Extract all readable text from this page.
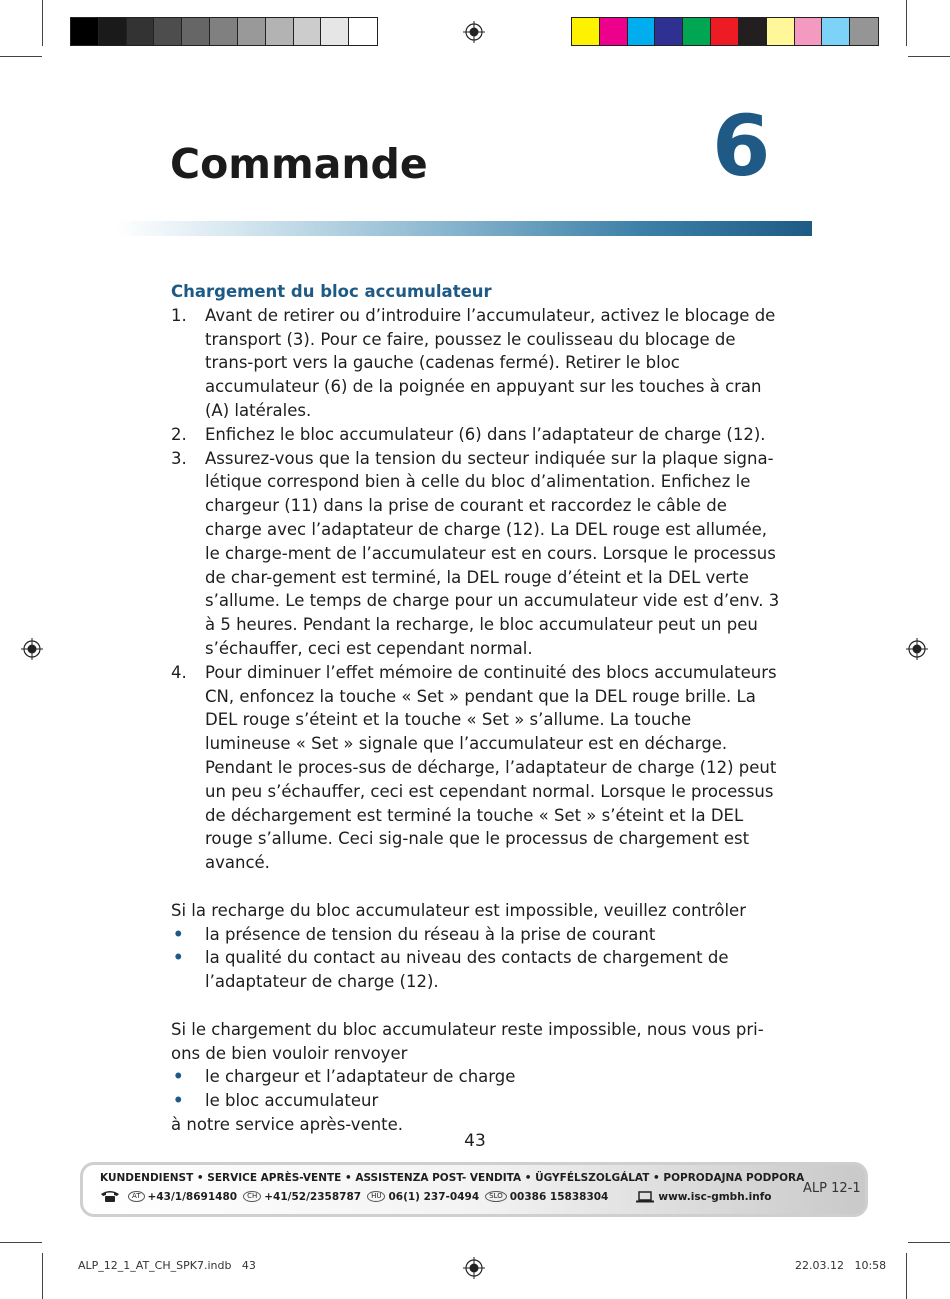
Commande	6
Chargement du bloc accumulateur
1. Avant de retirer ou d’introduire l’accumulateur, activez le blocage de transport (3). Pour ce faire, poussez le coulisseau du blocage de trans-port vers la gauche (cadenas fermé). Retirer le bloc accumulateur (6) de la poignée en appuyant sur les touches à cran (A) latérales.
2. Enfichez le bloc accumulateur (6) dans l’adaptateur de charge (12).
3. Assurez-vous que la tension du secteur indiquée sur la plaque signa-létique correspond bien à celle du bloc d’alimentation. Enfichez le chargeur (11) dans la prise de courant et raccordez le câble de charge avec l’adaptateur de charge (12). La DEL rouge est allumée, le charge-ment de l’accumulateur est en cours. Lorsque le processus de char-gement est terminé, la DEL rouge d’éteint et la DEL verte s’allume. Le temps de charge pour un accumulateur vide est d’env. 3 à 5 heures. Pendant la recharge, le bloc accumulateur peut un peu s’échauffer, ceci est cependant normal.
4. Pour diminuer l’effet mémoire de continuité des blocs accumulateurs CN, enfoncez la touche « Set » pendant que la DEL rouge brille. La DEL rouge s’éteint et la touche « Set » s’allume. La touche lumineuse « Set » signale que l’accumulateur est en décharge. Pendant le proces-sus de décharge, l’adaptateur de charge (12) peut un peu s’échauffer, ceci est cependant normal. Lorsque le processus de déchargement est terminé la touche « Set » s’éteint et la DEL rouge s’allume. Ceci sig-nale que le processus de chargement est avancé.

Si la recharge du bloc accumulateur est impossible, veuillez contrôler

• la présence de tension du réseau à la prise de courant
• la qualité du contact au niveau des contacts de chargement de l’adaptateur de charge (12).

Si le chargement du bloc accumulateur reste impossible, nous vous pri-ons de bien vouloir renvoyer

• le chargeur et l’adaptateur de charge
• le bloc accumulateur

à notre service après-vente.

43
KUNDENDIENST • SERVICE APRÈS-VENTE • ASSISTENZA POST- VENDITA • ÜGYFÉLSZOLGÁLAT • POPRODAJNA PODPORA
AT +43/1/8691480	CH +41/52/2358787	HU 06(1) 237-0494	SLO 00386 15838304	www.isc-gmbh.info
ALP 12-1
ALP_12_1_AT_CH_SPK7.indb   43	22.03.12   10:58
